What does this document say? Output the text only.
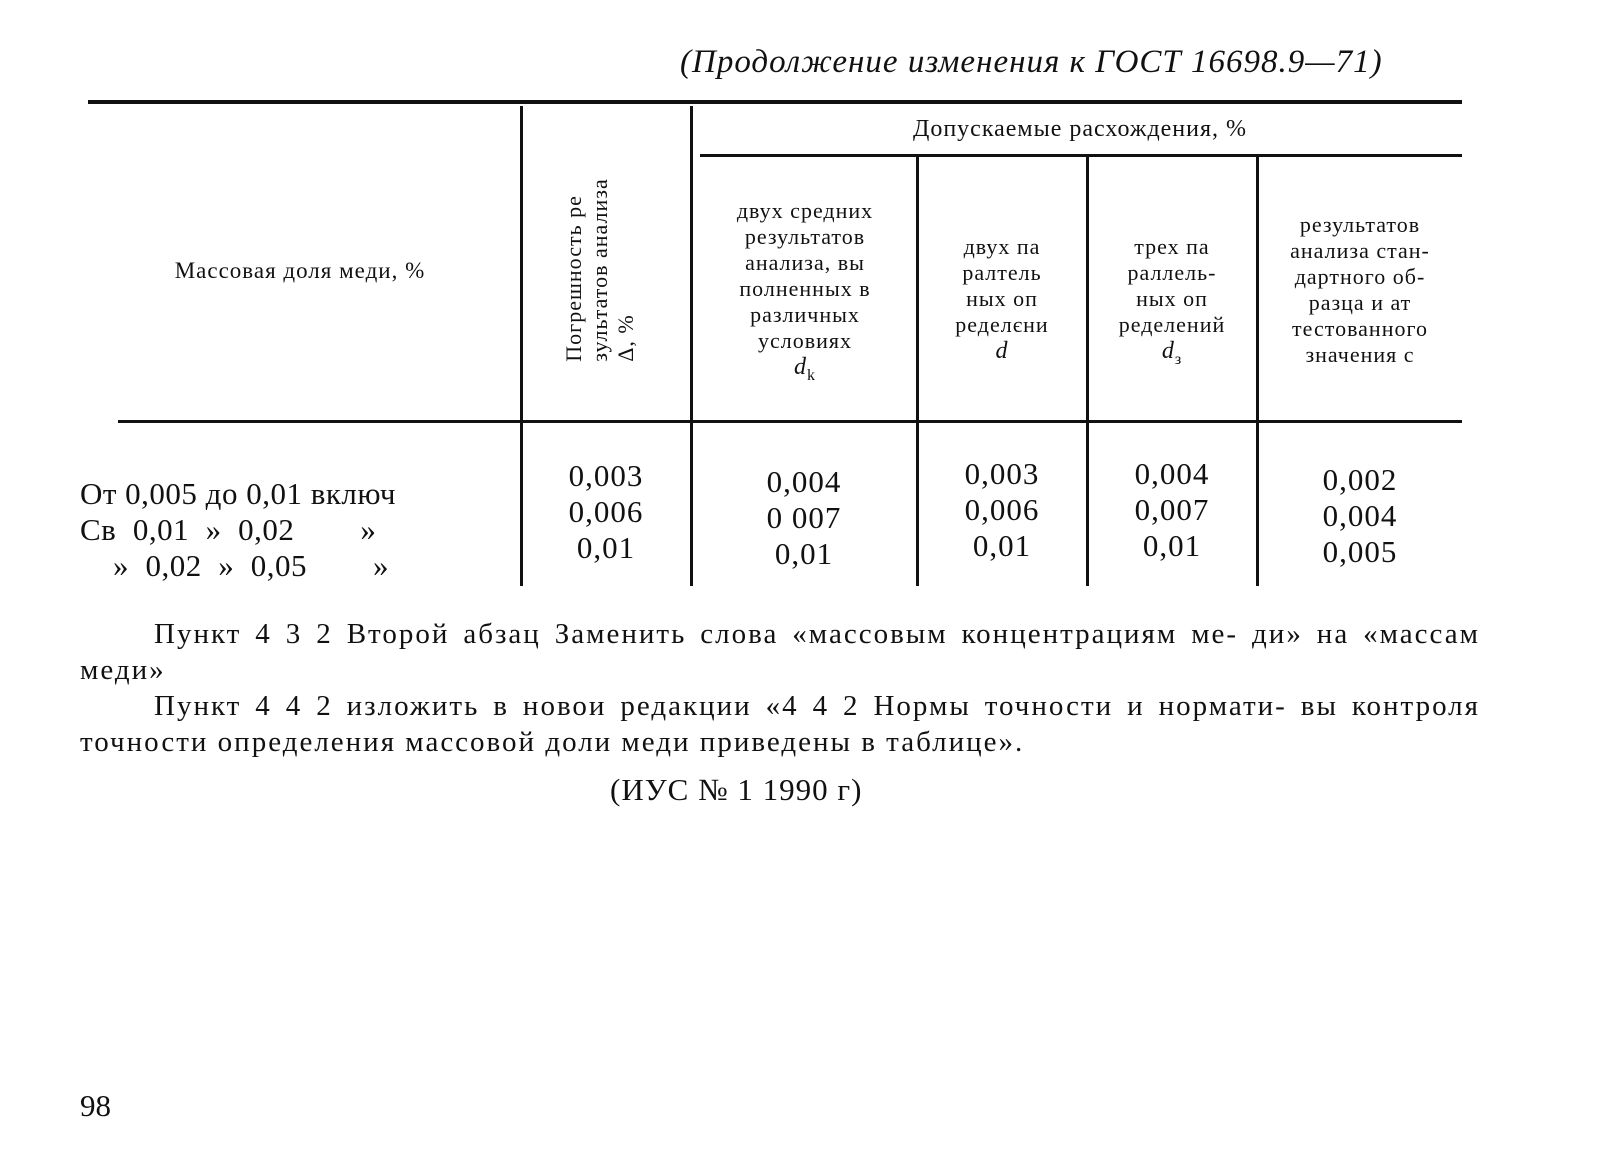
(Продолжение изменения к ГОСТ 16698.9—71)
Массовая доля меди, %	Погрешность ре зультатов анализа Δ, %
Допускаемые расхождения, %
двух средних
результатов
анализа, вы
полненных в
различных
условиях
$d_k$
двух па
ралтель
ных оп
ределєни
d
трех па
раллель-
ных оп
ределений
$d_з$
результатов
анализа стан-
дартного об-
разца и ат
тестованного
значения с
От 0,005 до 0,01 включ
Св  0,01  »  0,02        »
»  0,02  »  0,05        »
0,003
0,006
0,01
0,004
0 007
0,01
0,003
0,006
0,01
0,004
0,007
0,01
0,002
0,004
0,005
Пункт 4 3 2 Второй абзац Заменить слова «массовым концентрациям ме- ди» на «массам меди»
Пункт 4 4 2 изложить в новои редакции «4 4 2 Нормы точности и нормати- вы контроля точности определения массовой доли меди приведены в таблице».
(ИУС № 1 1990 г)
98
